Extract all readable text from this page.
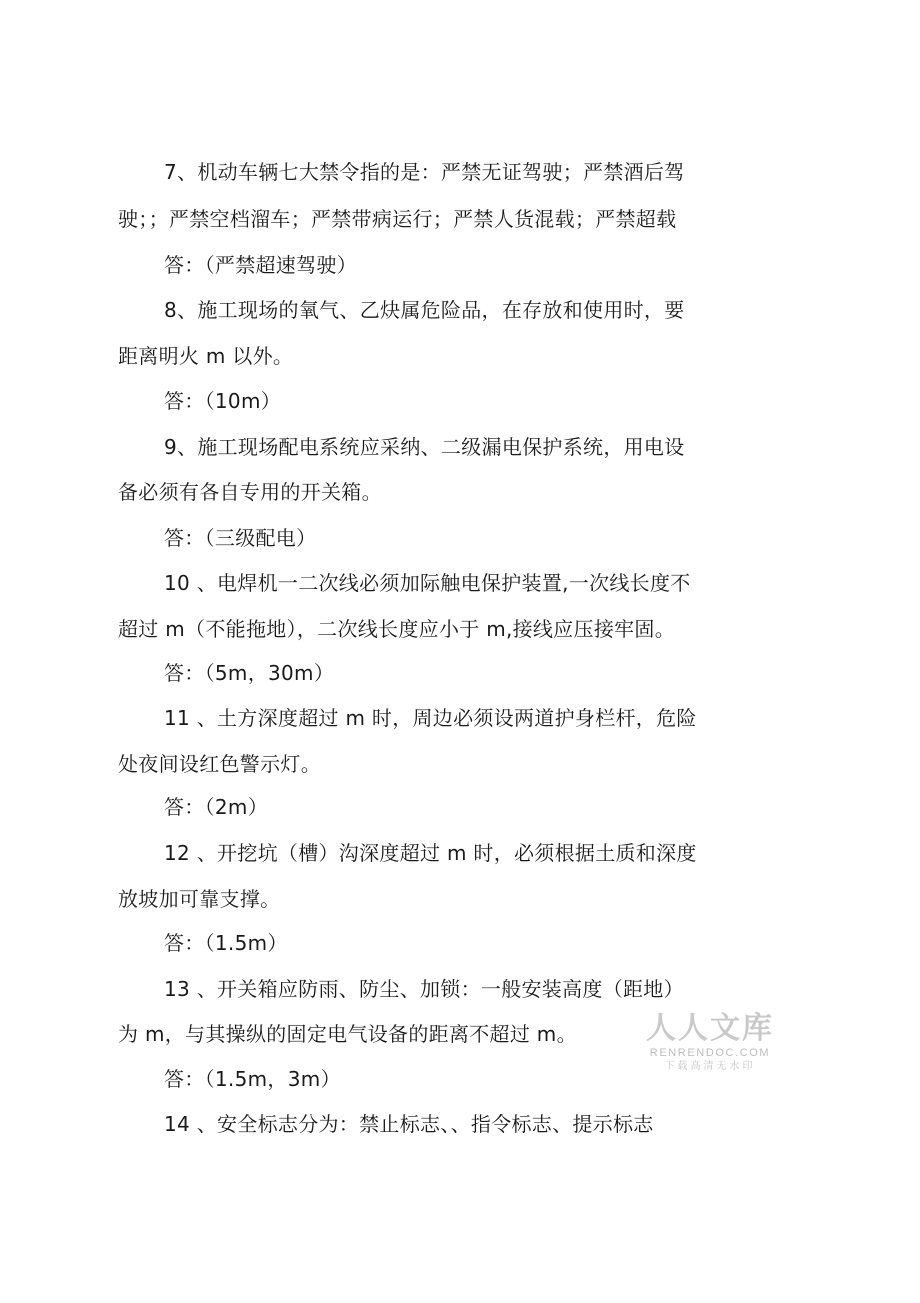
7、机动车辆七大禁令指的是：严禁无证驾驶；严禁酒后驾
驶；；严禁空档溜车；严禁带病运行；严禁人货混载；严禁超载
答：（严禁超速驾驶）
8、施工现场的氧气、乙炔属危险品，在存放和使用时，要
距离明火 m 以外。
答：（10m）
9、施工现场配电系统应采纳、二级漏电保护系统，用电设
备必须有各自专用的开关箱。
答：（三级配电）
10 、电焊机一二次线必须加际触电保护装置,一次线长度不
超过 m（不能拖地），二次线长度应小于 m,接线应压接牢固。
答：（5m，30m）
11 、土方深度超过 m 时，周边必须设两道护身栏杆，危险
处夜间设红色警示灯。
答：（2m）
12 、开挖坑（槽）沟深度超过 m 时，必须根据土质和深度
放坡加可靠支撑。
答：（1.5m）
13 、开关箱应防雨、防尘、加锁：一般安装高度（距地）
为 m，与其操纵的固定电气设备的距离不超过 m。
答：（1.5m，3m）
14 、安全标志分为：禁止标志、、指令标志、提示标志
人人文库
RENRENDOC.COM
下载高清无水印
